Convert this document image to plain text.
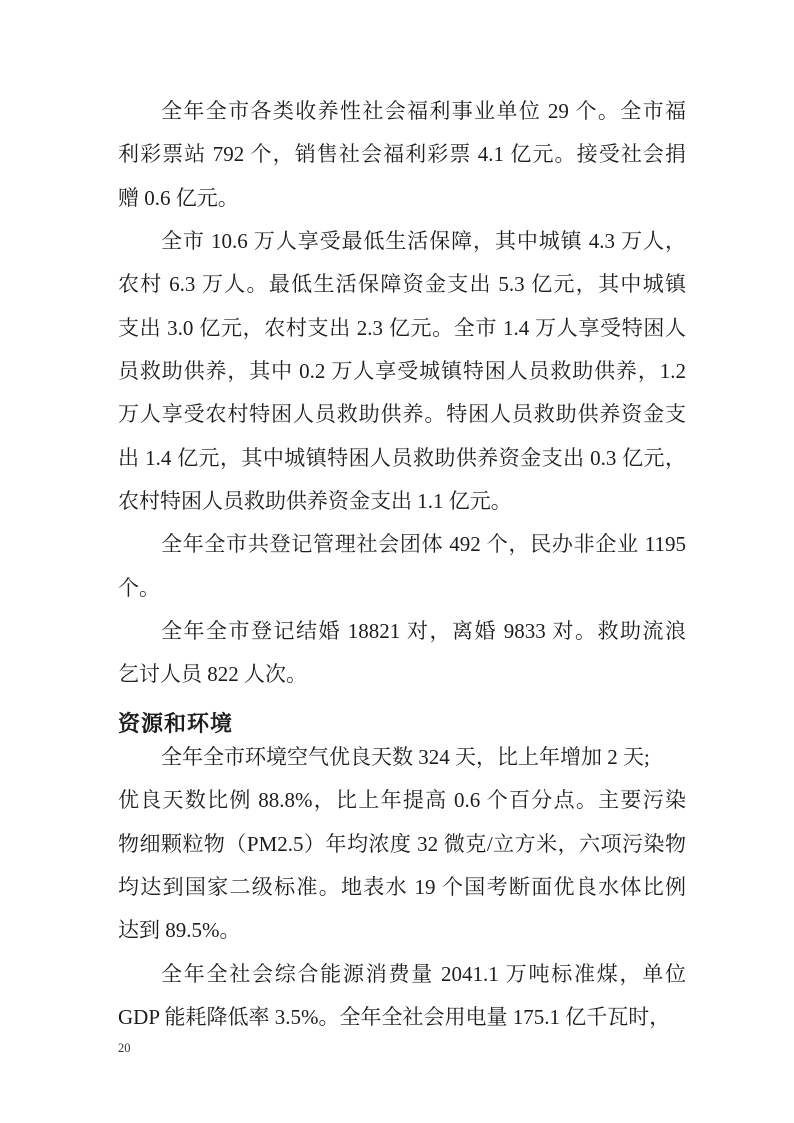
全年全市各类收养性社会福利事业单位 29 个。全市福
利彩票站 792 个，销售社会福利彩票 4.1 亿元。接受社会捐
赠 0.6 亿元。
全市 10.6 万人享受最低生活保障，其中城镇 4.3 万人，
农村 6.3 万人。最低生活保障资金支出 5.3 亿元，其中城镇
支出 3.0 亿元，农村支出 2.3 亿元。全市 1.4 万人享受特困人
员救助供养，其中 0.2 万人享受城镇特困人员救助供养，1.2
万人享受农村特困人员救助供养。特困人员救助供养资金支
出 1.4 亿元，其中城镇特困人员救助供养资金支出 0.3 亿元，
农村特困人员救助供养资金支出 1.1 亿元。
全年全市共登记管理社会团体 492 个，民办非企业 1195
个。
全年全市登记结婚 18821 对，离婚 9833 对。救助流浪
乞讨人员 822 人次。
资源和环境
全年全市环境空气优良天数 324 天，比上年增加 2 天;
优良天数比例 88.8%，比上年提高 0.6 个百分点。主要污染
物细颗粒物（PM2.5）年均浓度 32 微克/立方米，六项污染物
均达到国家二级标准。地表水 19 个国考断面优良水体比例
达到 89.5%。
全年全社会综合能源消费量 2041.1 万吨标准煤，单位
GDP 能耗降低率 3.5%。全年全社会用电量 175.1 亿千瓦时，
20
